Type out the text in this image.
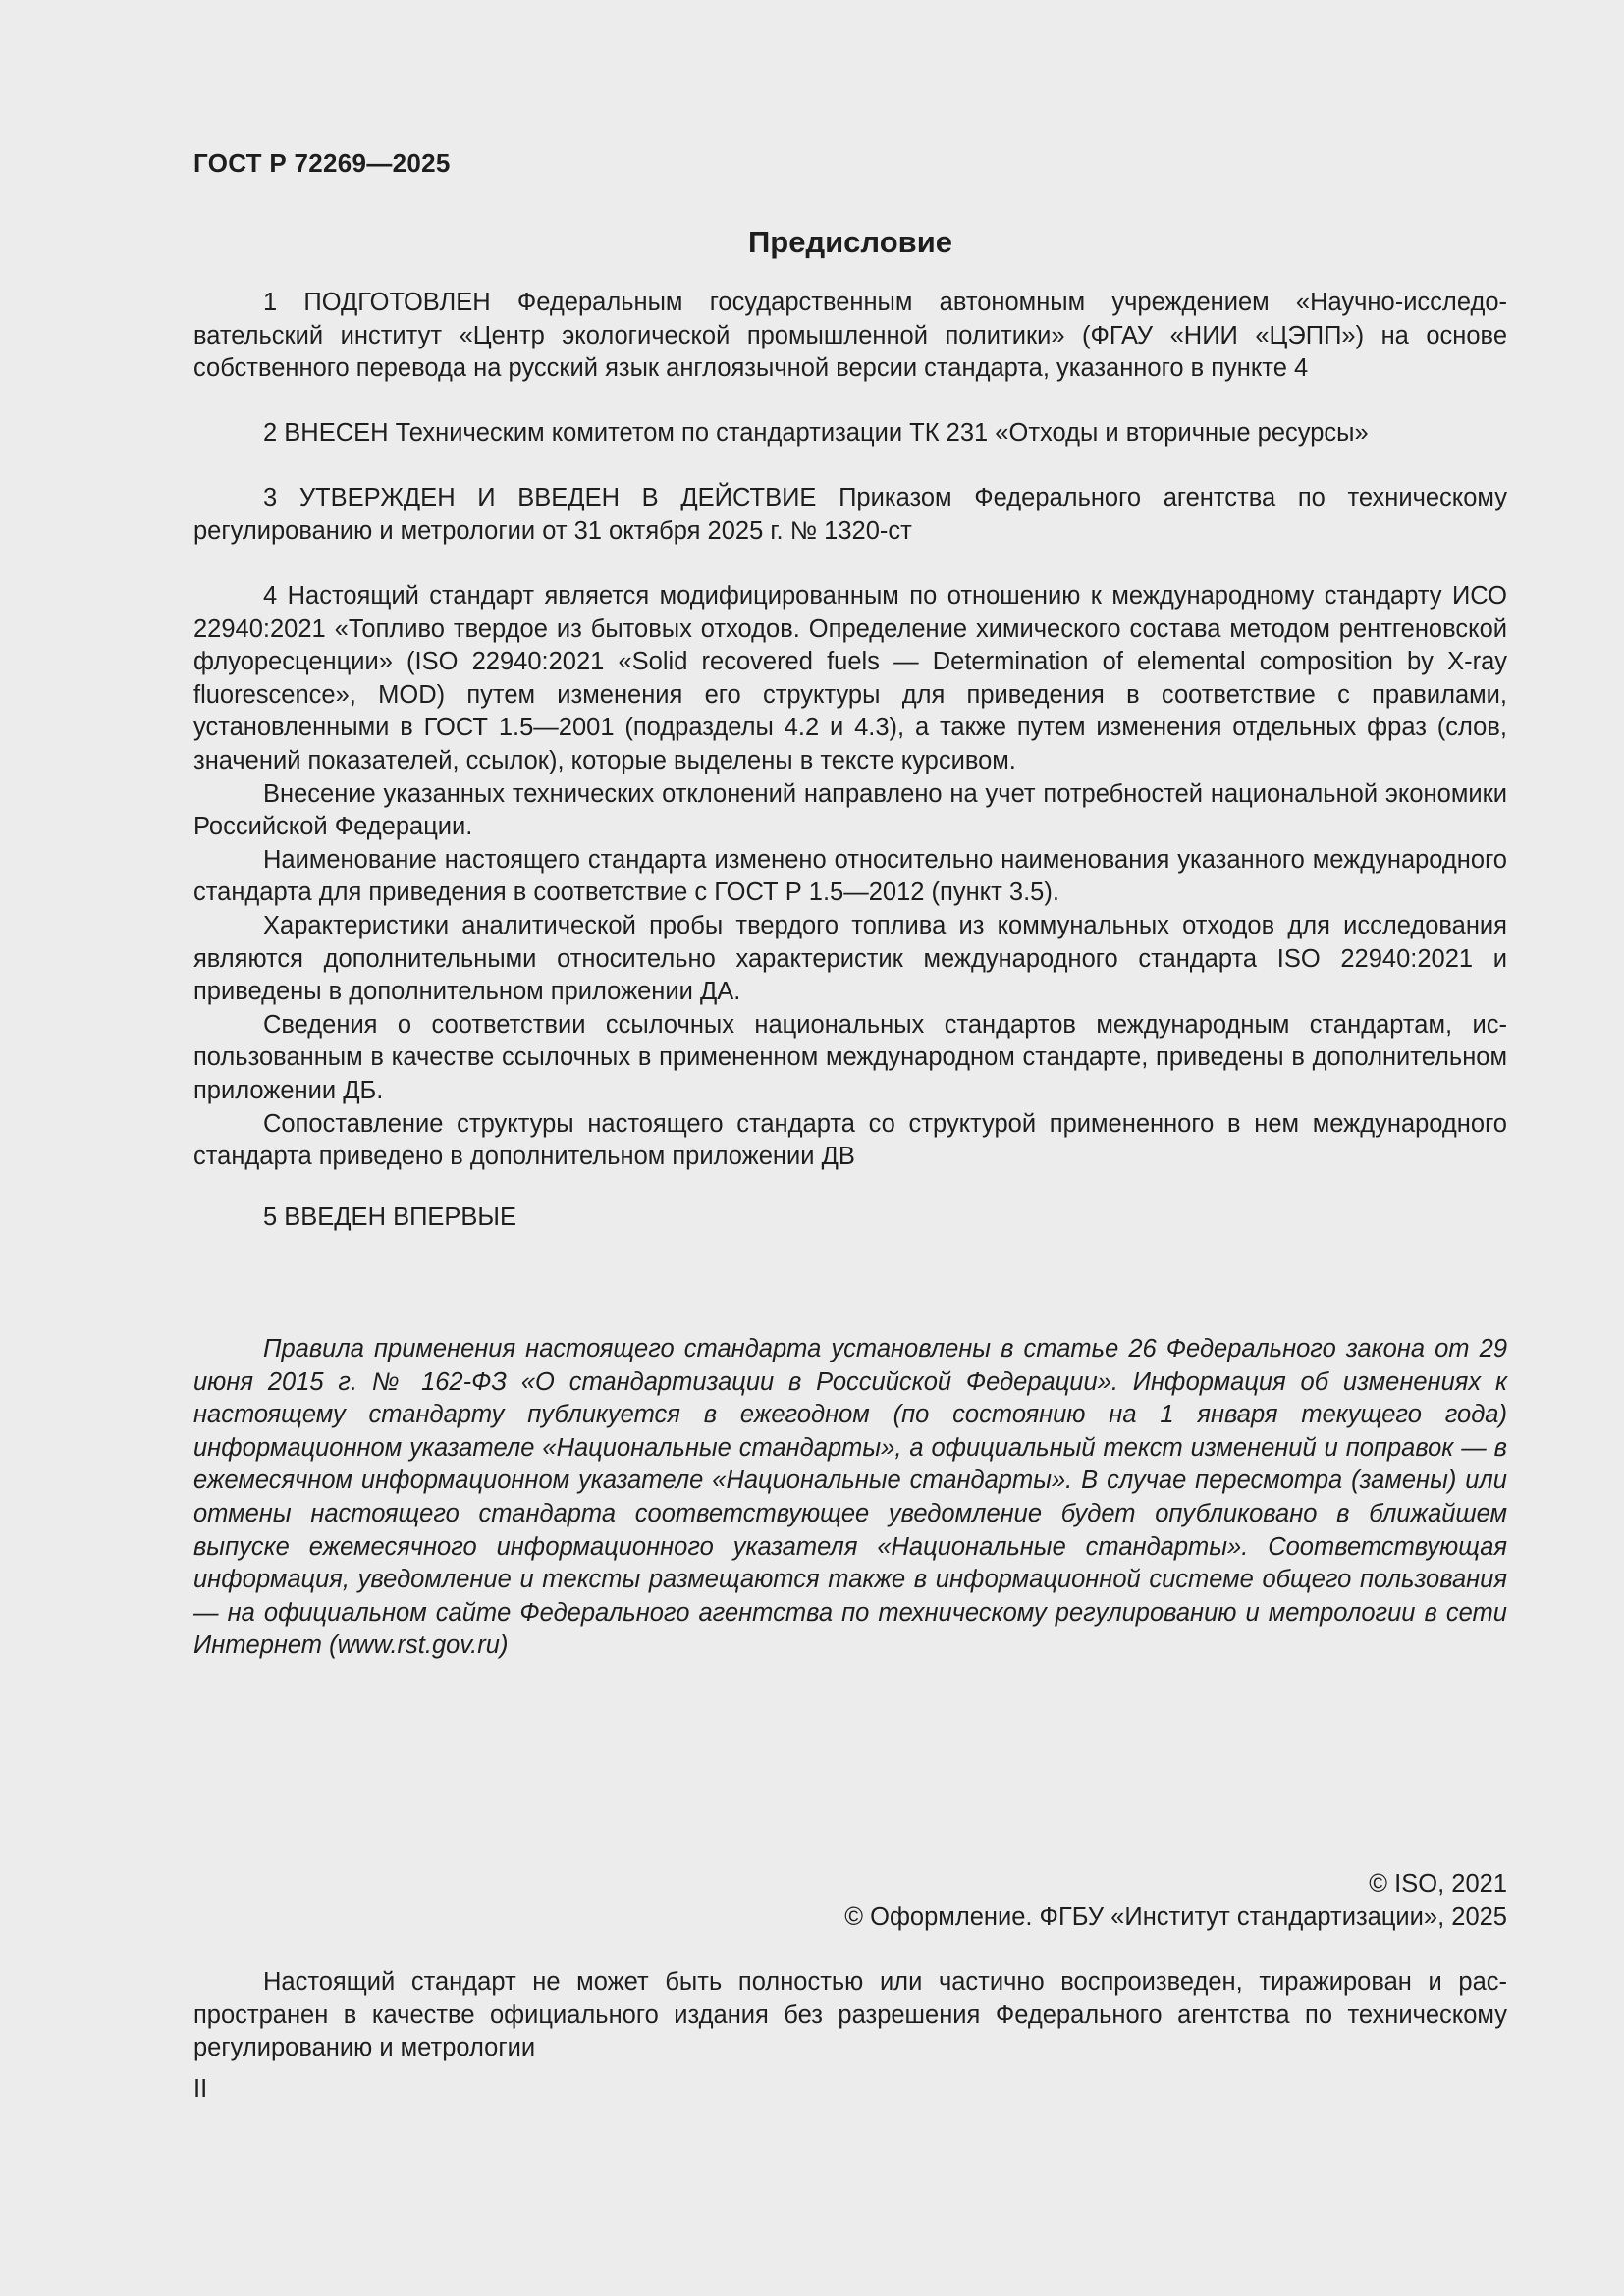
ГОСТ Р 72269—2025
Предисловие

1 ПОДГОТОВЛЕН Федеральным государственным автономным учреждением «Научно-исследовательский институт «Центр экологической промышленной политики» (ФГАУ «НИИ «ЦЭПП») на основе собственного перевода на русский язык англоязычной версии стандарта, указанного в пункте 4

2 ВНЕСЕН Техническим комитетом по стандартизации ТК 231 «Отходы и вторичные ресурсы»

3 УТВЕРЖДЕН И ВВЕДЕН В ДЕЙСТВИЕ Приказом Федерального агентства по техническому регулированию и метрологии от 31 октября 2025 г. № 1320-ст

4 Настоящий стандарт является модифицированным по отношению к международному стандарту ИСО 22940:2021 «Топливо твердое из бытовых отходов. Определение химического состава методом рентгеновской флуоресценции» (ISO 22940:2021 «Solid recovered fuels — Determination of elemental composition by X-ray fluorescence», MOD) путем изменения его структуры для приведения в соответствие с правилами, установленными в ГОСТ 1.5—2001 (подразделы 4.2 и 4.3), а также путем изменения отдельных фраз (слов, значений показателей, ссылок), которые выделены в тексте курсивом.

Внесение указанных технических отклонений направлено на учет потребностей национальной экономики Российской Федерации.

Наименование настоящего стандарта изменено относительно наименования указанного международного стандарта для приведения в соответствие с ГОСТ Р 1.5—2012 (пункт 3.5).

Характеристики аналитической пробы твердого топлива из коммунальных отходов для исследования являются дополнительными относительно характеристик международного стандарта ISO 22940:2021 и приведены в дополнительном приложении ДА.

Сведения о соответствии ссылочных национальных стандартов международным стандартам, использованным в качестве ссылочных в примененном международном стандарте, приведены в дополнительном приложении ДБ.

Сопоставление структуры настоящего стандарта со структурой примененного в нем международного стандарта приведено в дополнительном приложении ДВ

5 ВВЕДЕН ВПЕРВЫЕ

Правила применения настоящего стандарта установлены в статье 26 Федерального закона от 29 июня 2015 г. № 162-ФЗ «О стандартизации в Российской Федерации». Информация об изменениях к настоящему стандарту публикуется в ежегодном (по состоянию на 1 января текущего года) информационном указателе «Национальные стандарты», а официальный текст изменений и поправок — в ежемесячном информационном указателе «Национальные стандарты». В случае пересмотра (замены) или отмены настоящего стандарта соответствующее уведомление будет опубликовано в ближайшем выпуске ежемесячного информационного указателя «Национальные стандарты». Соответствующая информация, уведомление и тексты размещаются также в информационной системе общего пользования — на официальном сайте Федерального агентства по техническому регулированию и метрологии в сети Интернет (www.rst.gov.ru)

© ISO, 2021
© Оформление. ФГБУ «Институт стандартизации», 2025

Настоящий стандарт не может быть полностью или частично воспроизведен, тиражирован и распространен в качестве официального издания без разрешения Федерального агентства по техническому регулированию и метрологии

II
